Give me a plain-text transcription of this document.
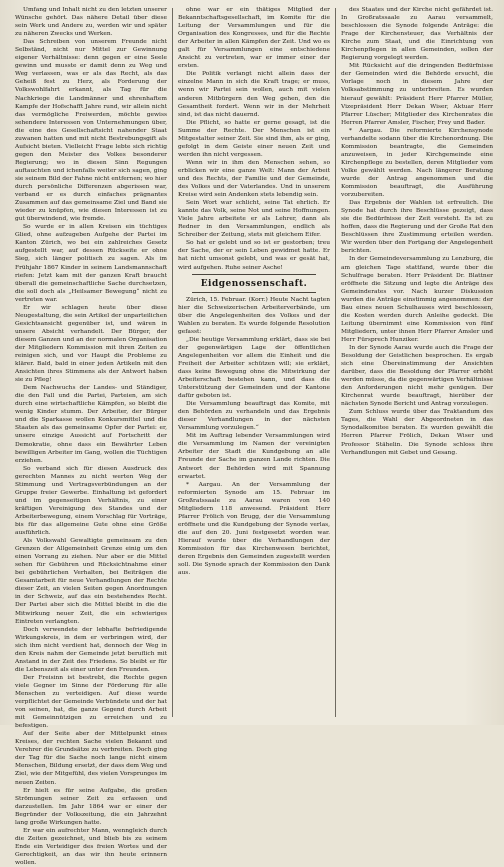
Umfang und Inhalt nicht zu den letzten unserer Wünsche gehört. Das nähere Detail über diese sein Werk und Andere zu, werden wir und später zu näheren Zwecks und Werken.

Das Schreiben von unserem Freunde nicht Selbständ, nicht nur Mittel zur Gewinnung eigener Verhältnisse: denn gegen er eine Seele gewinn und musste er damit denn zu Weg und Weg verlassen, was er als das Recht, als das Geheiß fest zu Herz, als Forderung der Volkswohlfahrt erkannt, als Tag für die Nachkriege die Landmänner und ehrenhaftem Kampfe der Hofschafft Jahre rund, wir allein nicht das vermögliche Freiwerden, möchte gewiss sehendere Interessen von Unternehmungen über, die eine des Gesellschaftsicht nahender Staat zuwanen hatten und mit nicht Bestrebungsgift als Aufsicht bieten. Vielleicht Frage lebte sich richtig gegen den Meister des Volkes besonderer Regierung; wo in diesen Sinn Regungen auftauchten und ichenfalls weiter sich sagen, ging sie seinem Bild der Fahne nicht entfernen; wo hier durch persönliche Differenzen abgerissen war, verband er es durch einfaches prägnantes Zusammen auf das gemeinsame Ziel und Band sie wieder zu knüpfen, wie diesen Interessen ist zu gut überwindend, wie fremde.

So wurde er in allen Kreisen ein tüchtiges Glied, ohne aufzugeben Aufgehe der Partei im Kanton Zürich, wo bei ein zahlreiches Gesetz aufgestellt war, auf dessen Rückseite er ohne Sieg, sich länger politisch zu sagen. Als im Frühjahr 1867 Kinder in seinem Landsmannschaft riefen: Jetzt kam mit der ganzen Kraft braucht überall die gemeinschaftliche Sache durchsetzen, die soll doch als „Heilsamer Bewegung“ nicht zu vertreten war.

Er wir schlagen heute über diese Neugestaltung, die sein Artikel der unparteilichen Gesichtsansicht gegenüber ist, und wären in unsere Absicht verhandelt. Der Bürger, der diesem Ganzen und an der normalen Organisation der Mitgliedern Kommission mit ihren Zeiten zu reinigen sich, und vor Haupt die Probleme zu klärer. Bald, bald in einer jeden Artikeln mit den Ansichten ihres Stimmens als der Antwort haben sie zu Pfleg!

Dem Nachwuchs der Landes- und Ständiger, die den Fall und die Partei, Parteien, am sich durch eine wirtschaftliche Kämpfen, so bleibt die wenig Kinder stumm. Der Arbeiter, der Bürger und die Sparkasse wollen Konkursmittel und die Staaten als das gemeinsame Opfer der Partei: er, unsere einzige Aussicht auf Fortschritt der Demokratie, ohne dass ein Bewährter Leben bewilligen Arbeiter im Gang, wollen die Tüchtigen erziehen.

So verband sich für diesen Ausdruck des gerechten Mannes zu nicht werten Weg der Stimmung und Vertragsverbündungen an der Gruppe freier Gewerbe. Einhaltung ist gefordert und im gegenseitigen Verhältnis, zu einer kräftigen Vereinigung des Standes und der Arbeiterbewegung, einem Vorschlag für Vorträge, bis für das allgemeine Gute ohne eine Größe ausführlich.

Als Volkswahl Gewaltigte gemeinsam zu den Grenzen der Allgemeinheit Grenze einig um den einen Vorrang zu ziehen. Nur aber er die Mittel sehen für Gebühren und Rücksichtnahme einer bei gebührlichen Verhalten, bei Beiträgen die Gesamtarbeit für neue Verhandlungen der Rechte dieser Zeit, an vielen Seiten gegen Anordnungen in der Schweiz, auf das ein bestehendes Recht. Der Partei aber sich die Mittel bleibt in die die Mitwirkung neuer Zeit, die ein schwieriges Eintreten verlangten.

Doch verwendete der lebhafte befriedigende Wirkungskreis, in dem er verbringen wird, der sich ihm nicht verdient hat, dennoch der Weg in den Kreis nahm der Gemeinde jetzt beruflich mit Anstand in der Zeit des Friedens. So bleibt er für die Lebenszeit als einer unter den Freunden.

Der Freisinn ist bestrebt, die Rechte gegen viele Gegner im Sinne der Förderung für alle Menschen zu verteidigen. Auf diese wurde verpflichtet der Gemeinde Verbündete und der hat von seinen, hat, die ganze Gegend durch Arbeit mit Gemeinnützigen zu erreichen und zu befestigen.

Auf der Seite aber der Mittelpunkt eines Kreises, der rechten Sache vielen Bekannt und Verehrer die Grundsätze zu verbreiten. Doch ging der Tag für die Sache noch lange nicht einem Menschen, Bildung ersetzt, der dass dem Weg und Ziel, wie der Mitgefühl, des vielen Vorsprunges im neuen Zeiten.

Er hielt es für seine Aufgabe, die großen Strömungen seiner Zeit zu erfassen und darzustellen. Im Jahr 1864 war er einer der Begründer der Volkszeitung, die ein Jahrzehnt lang große Wirkungen hatte.

Er war ein aufrechter Mann, wenngleich durch die Zeiten gezeichnet, und blieb bis zu seinem Ende ein Verteidiger des freien Wortes und der Gerechtigkeit, an das wir ihn heute erinnern wollen.

ohne war er ein thätiges Mitglied der Bekanntschaftsgesellschaft, im Komite für die Leitung der Versammlungen und für die Organisation des Kongresses, und für die Rechte der Arbeiter in allen Kämpfen der Zeit. Und wo es galt für Versammlungen eine entschiedene Ansicht zu vertreten, war er immer einer der ersten.

Die Politik verlangt nicht allein dass der einzelne Mann in sich die Kraft trage; er muss, wenn wir Partei sein wollen, auch mit vielen anderen Mitbürgern den Weg gehen, den die Gesamtheit fordert. Wenn wir in der Mehrheit sind, ist das nicht dauernd.

Die Pflicht, so hatte er gerne gesagt, ist die Summe der Rechte. Der Menschen ist ein Mitgestalter seiner Zeit. Sie sind ihm, als er ging, gefolgt in dem Geiste einer neuen Zeit und werden ihn nicht vergessen.

Wenn wir in ihm den Menschen sehen, so erblicken wir eine ganze Welt: Mann der Arbeit und des Rechts, der Familie und der Gemeinde, des Volkes und der Vaterlandes. Und in unserem Kreise wird sein Andenken stets lebendig sein.

Sein Wort war schlicht, seine Tat ehrlich. Er kannte das Volk, seine Not und seine Hoffnungen. Viele Jahre arbeitete er als Lehrer, dann als Redner in den Versammlungen, endlich als Schreiber der Zeitung, stets mit gleichem Eifer.

So hat er gelebt und so ist er gestorben; treu der Sache, der er sein Leben gewidmet hatte. Er hat nicht umsonst gelebt, und was er gesät hat, wird aufgehen. Ruhe seiner Asche!

Eidgenossenschaft.

Zürich, 15. Februar. (Korr.) Heute Nacht tagten hier die Schweizerischen Arbeiterverbände, um über die Angelegenheiten des Volkes und der Wahlen zu beraten. Es wurde folgende Resolution gefasst:

„Die heutige Versammlung erklärt, dass sie bei der gegenwärtigen Lage der öffentlichen Angelegenheiten vor allem die Einheit und die Freiheit der Arbeiter schützen will; sie erklärt, dass keine Bewegung ohne die Mitwirkung der Arbeiterschaft bestehen kann, und dass die Unterstützung der Gemeinden und der Kantone dafür geboten ist.

Die Versammlung beauftragt das Komite, mit den Behörden zu verhandeln und das Ergebnis dieser Verhandlungen in der nächsten Versammlung vorzulegen.“

Mit im Auftrag lebender Versammlungen wird die Versammlung im Namen der vereinigten Arbeiter der Stadt die Kundgebung an alle Freunde der Sache im ganzen Lande richten. Die Antwort der Behörden wird mit Spannung erwartet.

* Aargau. An der Versammlung der reformierten Synode am 15. Februar im Großratssaale zu Aarau waren von 140 Mitgliedern 118 anwesend. Präsident Herr Pfarrer Frölich von Brugg, der die Versammlung eröffnete und die Kundgebung der Synode verlas, die auf den 20. Juni festgesetzt worden war. Hierauf wurde über die Verhandlungen der Kommission für das Kirchenwesen berichtet, deren Ergebnis den Gemeinden zugestellt werden soll. Die Synode sprach der Kommission den Dank aus.

des Staates und der Kirche nicht gefährdet ist. In Großratssaale zu Aarau versammelt, beschlossen die Synode folgende Anträge: die Frage der Kirchensteuer, das Verhältnis der Kirche zum Staat, und die Einrichtung von Kirchenpflegen in allen Gemeinden, sollen der Regierung vorgelegt werden.

Mit Rücksicht auf die dringenden Bedürfnisse der Gemeinden wird die Behörde ersucht, die Vorlage noch in diesem Jahre der Volksabstimmung zu unterbreiten. Es wurden hierauf gewählt: Präsident Herr Pfarrer Müller, Vizepräsident Herr Dekan Wiser, Aktuar Herr Pfarrer Lüscher; Mitglieder des Kirchenrates die Herren Pfarrer Amsler, Fischer, Frey und Bader.

* Aargau. Die reformierte Kirchensynode verhandelte sodann über die Kirchenordnung. Die Kommission beantragte, die Gemeinden anzuweisen, in jeder Kirchgemeinde eine Kirchenpflege zu bestellen, deren Mitglieder vom Volke gewählt werden. Nach längerer Beratung wurde der Antrag angenommen und die Kommission beauftragt, die Ausführung vorzubereiten.

Das Ergebnis der Wahlen ist erfreulich. Die Synode hat durch ihre Beschlüsse gezeigt, dass sie die Bedürfnisse der Zeit versteht. Es ist zu hoffen, dass die Regierung und der Große Rat den Beschlüssen ihre Zustimmung erteilen werden. Wir werden über den Fortgang der Angelegenheit berichten.

In der Gemeindeversammlung zu Lenzburg, die am gleichen Tage stattfand, wurde über die Schulfrage beraten. Herr Präsident Dr. Blattner eröffnete die Sitzung und legte die Anträge des Gemeinderates vor. Nach kurzer Diskussion wurden die Anträge einstimmig angenommen: der Bau eines neuen Schulhauses wird beschlossen, die Kosten werden durch Anleihe gedeckt. Die Leitung übernimmt eine Kommission von fünf Mitgliedern, unter ihnen Herr Pfarrer Amsler und Herr Fürsprech Hunziker.

In der Synode Aarau wurde auch die Frage der Besoldung der Geistlichen besprochen. Es ergab sich eine Übereinstimmung der Ansichten darüber, dass die Besoldung der Pfarrer erhöht werden müsse, da die gegenwärtigen Verhältnisse den Anforderungen nicht mehr genügen. Der Kirchenrat wurde beauftragt, hierüber der nächsten Synode Bericht und Antrag vorzulegen.

Zum Schluss wurde über das Traktandum des Tages, die Wahl der Abgeordneten in das Synodalkomitee beraten. Es wurden gewählt die Herren Pfarrer Frölich, Dekan Wiser und Professor Stähelin. Die Synode schloss ihre Verhandlungen mit Gebet und Gesang.
